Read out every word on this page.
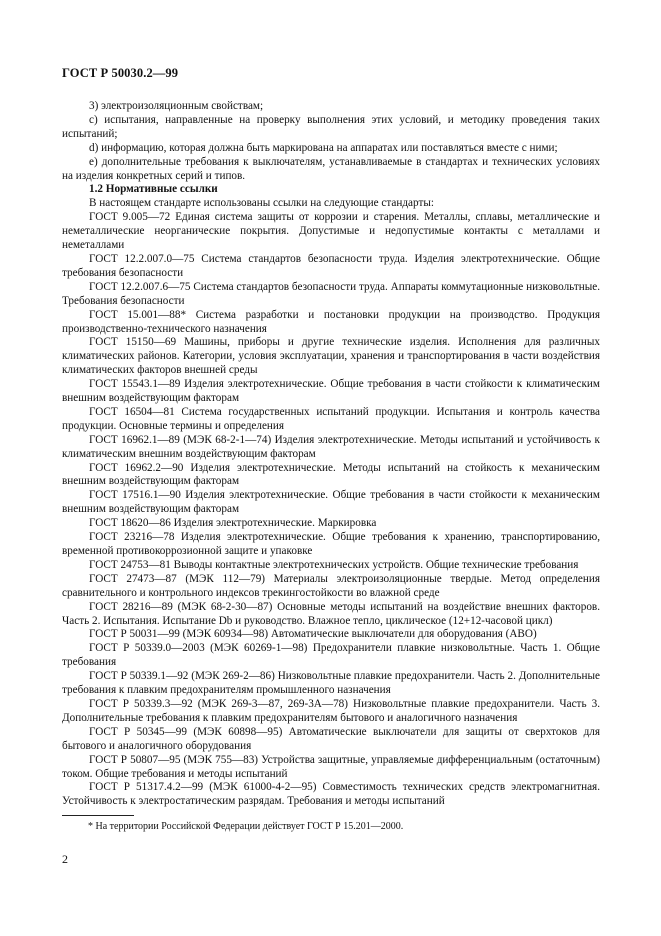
ГОСТ Р 50030.2—99

3) электроизоляционным свойствам;

c) испытания, направленные на проверку выполнения этих условий, и методику проведения таких испытаний;

d) информацию, которая должна быть маркирована на аппаратах или поставляться вместе с ними;

e) дополнительные требования к выключателям, устанавливаемые в стандартах и технических условиях на изделия конкретных серий и типов.

1.2 Нормативные ссылки

В настоящем стандарте использованы ссылки на следующие стандарты:

ГОСТ 9.005—72 Единая система защиты от коррозии и старения. Металлы, сплавы, металлические и неметаллические неорганические покрытия. Допустимые и недопустимые контакты с металлами и неметаллами

ГОСТ 12.2.007.0—75 Система стандартов безопасности труда. Изделия электротехнические. Общие требования безопасности

ГОСТ 12.2.007.6—75 Система стандартов безопасности труда. Аппараты коммутационные низковольтные. Требования безопасности

ГОСТ 15.001—88* Система разработки и постановки продукции на производство. Продукция производственно-технического назначения

ГОСТ 15150—69 Машины, приборы и другие технические изделия. Исполнения для различных климатических районов. Категории, условия эксплуатации, хранения и транспортирования в части воздействия климатических факторов внешней среды

ГОСТ 15543.1—89 Изделия электротехнические. Общие требования в части стойкости к климатическим внешним воздействующим факторам

ГОСТ 16504—81 Система государственных испытаний продукции. Испытания и контроль качества продукции. Основные термины и определения

ГОСТ 16962.1—89 (МЭК 68-2-1—74) Изделия электротехнические. Методы испытаний и устойчивость к климатическим внешним воздействующим факторам

ГОСТ 16962.2—90 Изделия электротехнические. Методы испытаний на стойкость к механическим внешним воздействующим факторам

ГОСТ 17516.1—90 Изделия электротехнические. Общие требования в части стойкости к механическим внешним воздействующим факторам

ГОСТ 18620—86 Изделия электротехнические. Маркировка

ГОСТ 23216—78 Изделия электротехнические. Общие требования к хранению, транспортированию, временной противокоррозионной защите и упаковке

ГОСТ 24753—81 Выводы контактные электротехнических устройств. Общие технические требования

ГОСТ 27473—87 (МЭК 112—79) Материалы электроизоляционные твердые. Метод определения сравнительного и контрольного индексов трекингостойкости во влажной среде

ГОСТ 28216—89 (МЭК 68-2-30—87) Основные методы испытаний на воздействие внешних факторов. Часть 2. Испытания. Испытание Db и руководство. Влажное тепло, циклическое (12+12-часовой цикл)

ГОСТ Р 50031—99 (МЭК 60934—98) Автоматические выключатели для оборудования (АВО)

ГОСТ Р 50339.0—2003 (МЭК 60269-1—98) Предохранители плавкие низковольтные. Часть 1. Общие требования

ГОСТ Р 50339.1—92 (МЭК 269-2—86) Низковольтные плавкие предохранители. Часть 2. Дополнительные требования к плавким предохранителям промышленного назначения

ГОСТ Р 50339.3—92 (МЭК 269-3—87, 269-3А—78) Низковольтные плавкие предохранители. Часть 3. Дополнительные требования к плавким предохранителям бытового и аналогичного назначения

ГОСТ Р 50345—99 (МЭК 60898—95) Автоматические выключатели для защиты от сверхтоков для бытового и аналогичного оборудования

ГОСТ Р 50807—95 (МЭК 755—83) Устройства защитные, управляемые дифференциальным (остаточным) током. Общие требования и методы испытаний

ГОСТ Р 51317.4.2—99 (МЭК 61000-4-2—95) Совместимость технических средств электромагнитная. Устойчивость к электростатическим разрядам. Требования и методы испытаний

* На территории Российской Федерации действует ГОСТ Р 15.201—2000.
2
